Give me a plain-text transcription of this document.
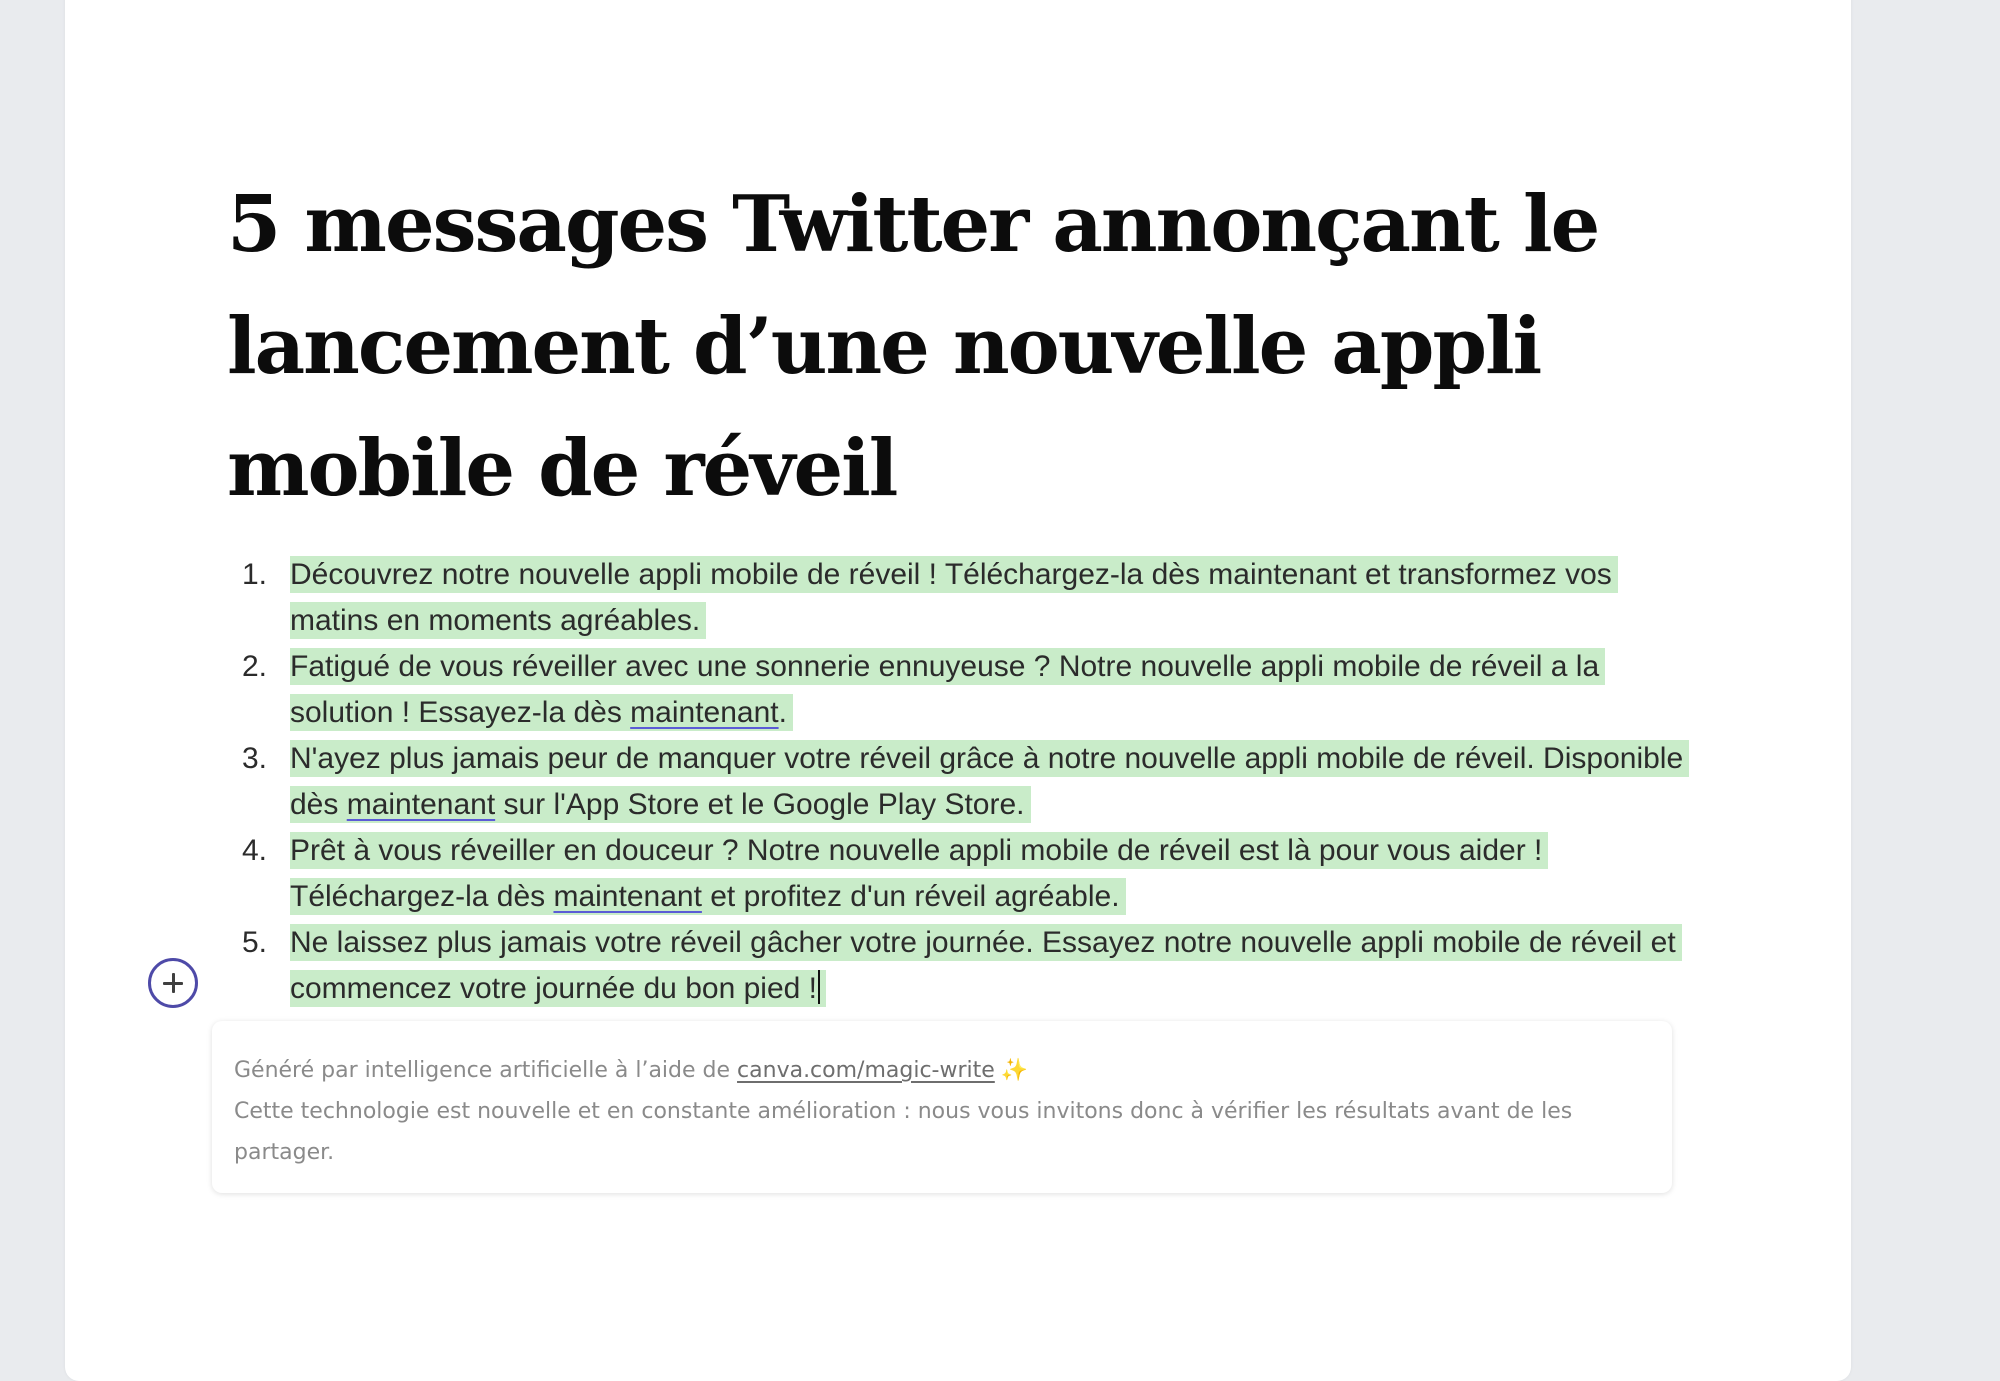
5 messages Twitter annonçant le lancement d’une nouvelle appli mobile de réveil
1. Découvrez notre nouvelle appli mobile de réveil ! Téléchargez-la dès maintenant et transformez vos matins en moments agréables.
2. Fatigué de vous réveiller avec une sonnerie ennuyeuse ? Notre nouvelle appli mobile de réveil a la solution ! Essayez-la dès maintenant.
3. N'ayez plus jamais peur de manquer votre réveil grâce à notre nouvelle appli mobile de réveil. Disponible dès maintenant sur l'App Store et le Google Play Store.
4. Prêt à vous réveiller en douceur ? Notre nouvelle appli mobile de réveil est là pour vous aider ! Téléchargez-la dès maintenant et profitez d'un réveil agréable.
5. Ne laissez plus jamais votre réveil gâcher votre journée. Essayez notre nouvelle appli mobile de réveil et commencez votre journée du bon pied !
Généré par intelligence artificielle à l’aide de canva.com/magic-write ✨
Cette technologie est nouvelle et en constante amélioration : nous vous invitons donc à vérifier les résultats avant de les partager.
